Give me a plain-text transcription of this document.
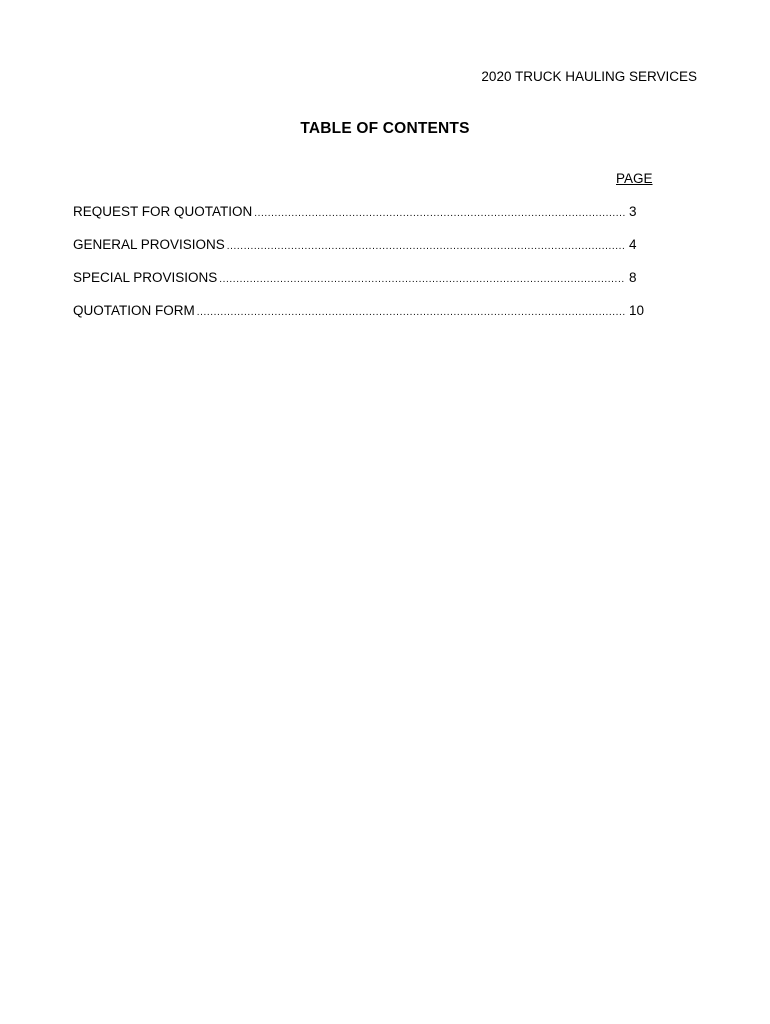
2020 TRUCK HAULING SERVICES
TABLE OF CONTENTS
PAGE
REQUEST FOR QUOTATION .....	3
GENERAL PROVISIONS .....	4
SPECIAL PROVISIONS .....	8
QUOTATION FORM .....	10
